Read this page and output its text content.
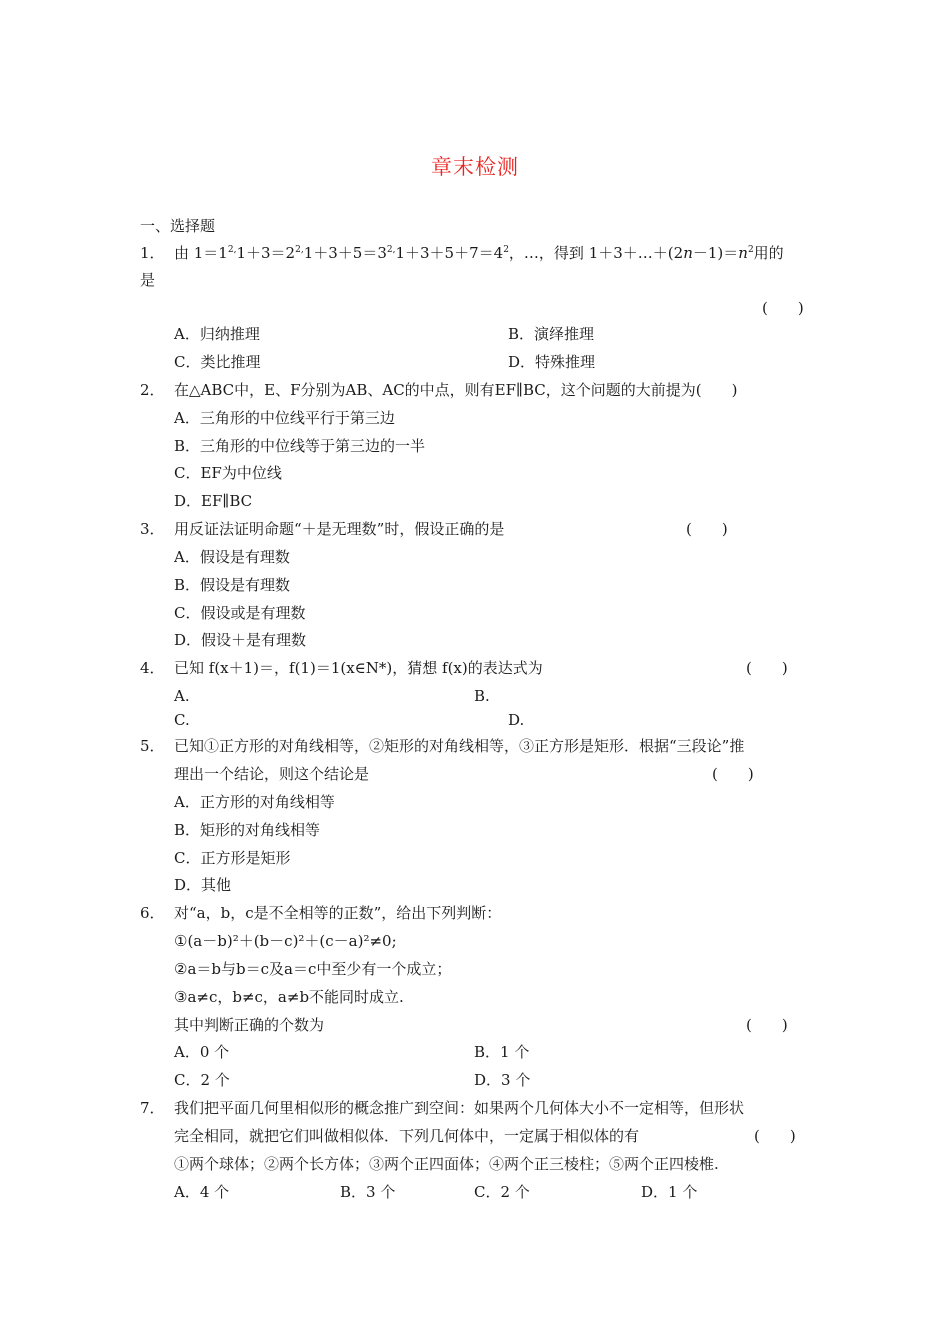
章末检测
一、选择题
1． 由 $1=1^{2,}1+3=2^{2,}1+3+5=3^{2,}1+3+5+7=4^2$，…，得到 $1+3+\dots+(2n-1)=n^2$用的
是
(　　)
A．归纳推理	B．演绎推理
C．类比推理	D．特殊推理
2． 在△ABC中，E、F分别为AB、AC的中点，则有EF∥BC，这个问题的大前提为(　　)
A．三角形的中位线平行于第三边
B．三角形的中位线等于第三边的一半
C．EF为中位线
D．EF∥BC
3． 用反证法证明命题“＋是无理数”时，假设正确的是	(　　)
A．假设是有理数
B．假设是有理数
C．假设或是有理数
D．假设＋是有理数
4． 已知 f(x＋1)＝，f(1)＝1(x∈N*)，猜想 f(x)的表达式为	(　　)
A.	B.
C.	D.
5． 已知①正方形的对角线相等，②矩形的对角线相等，③正方形是矩形．根据“三段论”推
理出一个结论，则这个结论是	(　　)
A．正方形的对角线相等
B．矩形的对角线相等
C．正方形是矩形
D．其他
6． 对“a，b，c是不全相等的正数”，给出下列判断：
①(a－b)²＋(b－c)²＋(c－a)²≠0;
②a＝b与b＝c及a＝c中至少有一个成立；
③a≠c，b≠c，a≠b不能同时成立.
其中判断正确的个数为	(　　)
A．0 个	B．1 个
C．2 个	D．3 个
7． 我们把平面几何里相似形的概念推广到空间：如果两个几何体大小不一定相等，但形状
完全相同，就把它们叫做相似体．下列几何体中，一定属于相似体的有	(　　)
①两个球体；②两个长方体；③两个正四面体；④两个正三棱柱；⑤两个正四棱椎.
A．4 个	B．3 个	C．2 个	D．1 个
